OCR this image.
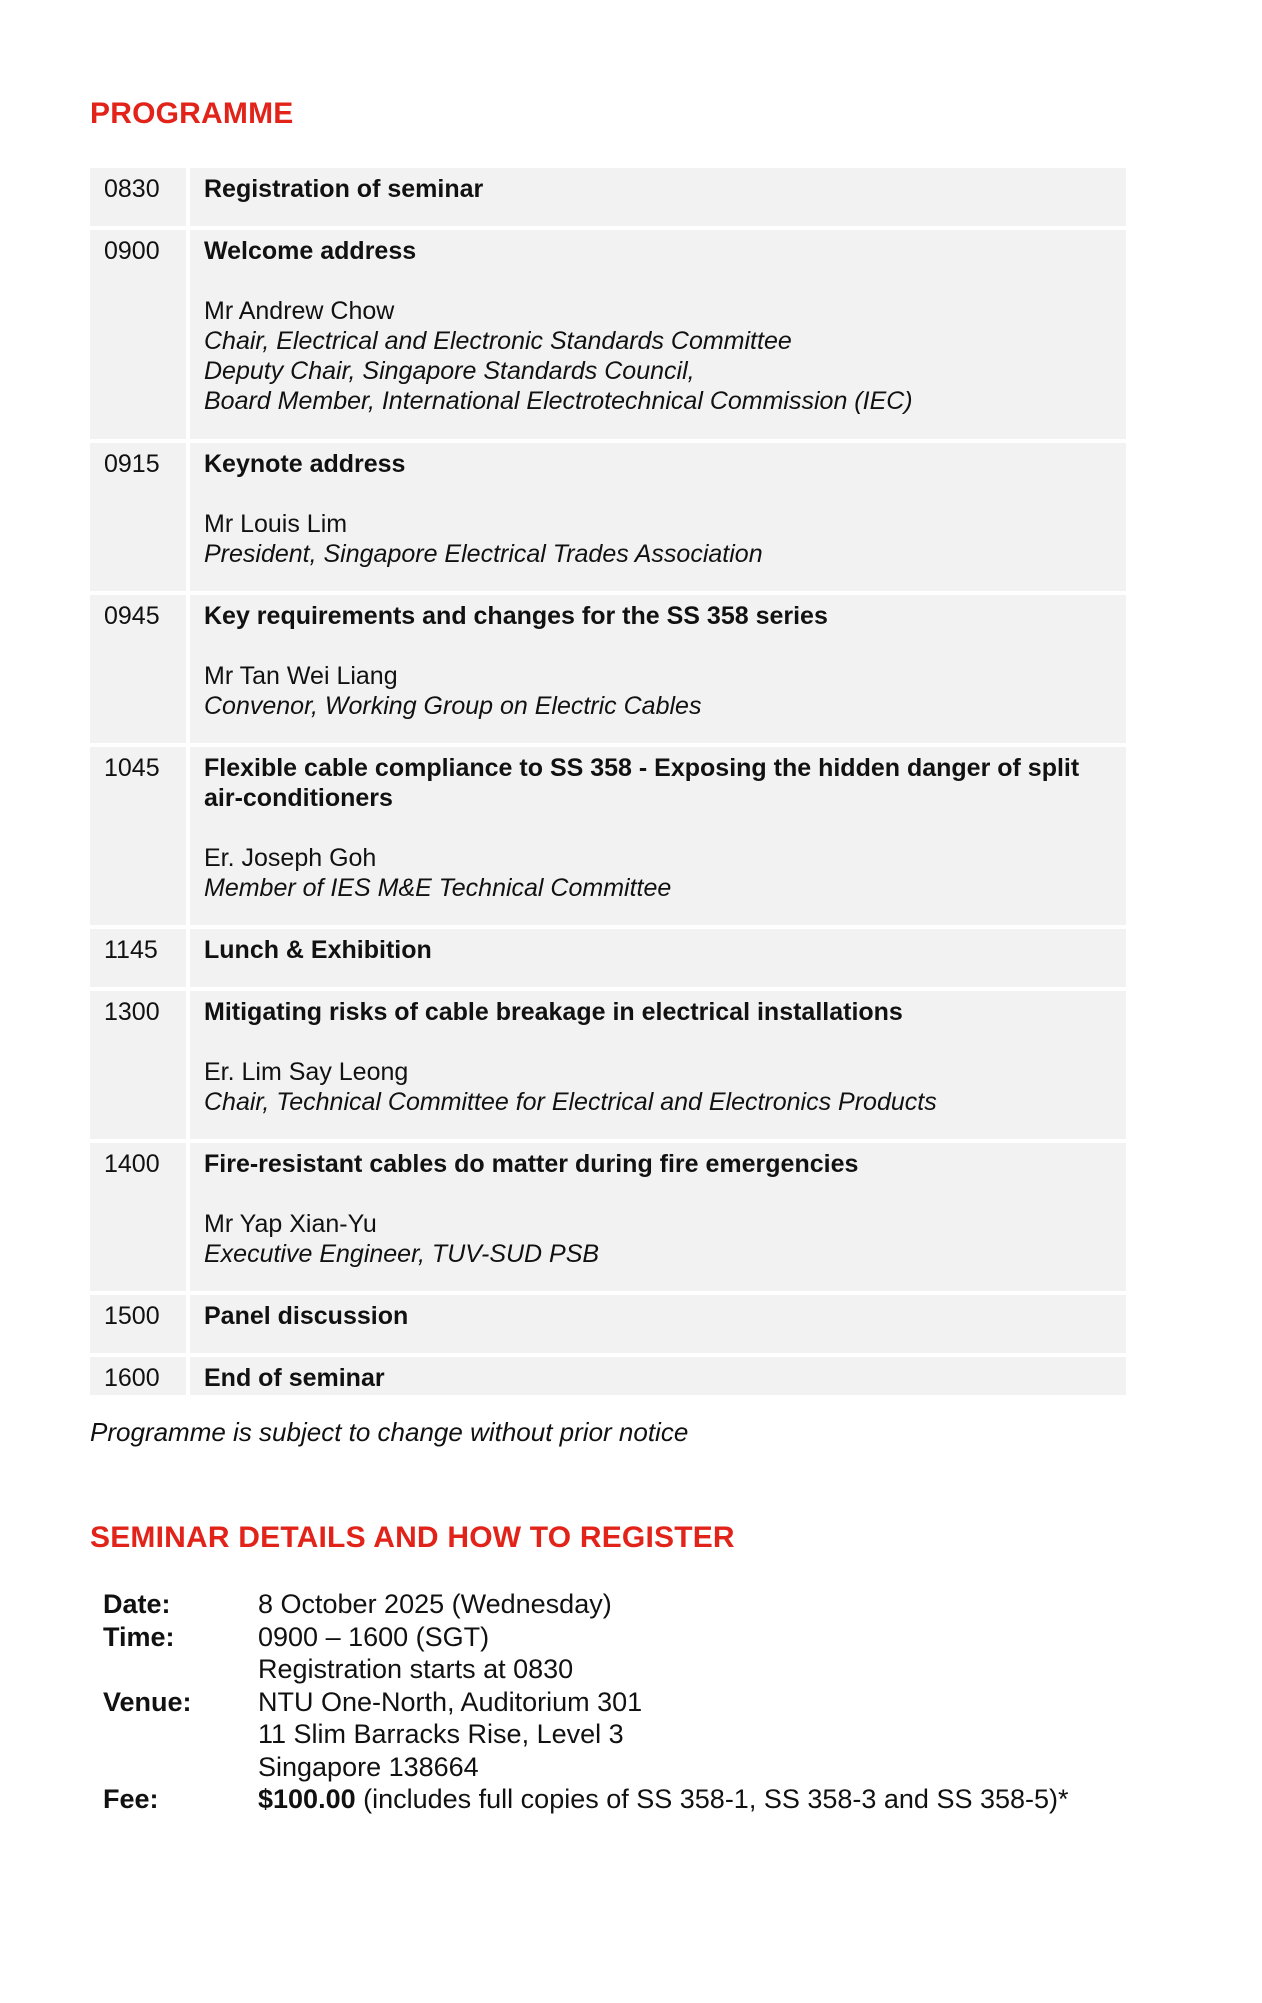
PROGRAMME
0830	Registration of seminar
0900	Welcome address
Mr Andrew Chow
Chair, Electrical and Electronic Standards Committee
Deputy Chair, Singapore Standards Council,
Board Member, International Electrotechnical Commission (IEC)
0915	Keynote address
Mr Louis Lim
President, Singapore Electrical Trades Association
0945	Key requirements and changes for the SS 358 series
Mr Tan Wei Liang
Convenor, Working Group on Electric Cables
1045	Flexible cable compliance to SS 358 - Exposing the hidden danger of split air-conditioners
Er. Joseph Goh
Member of IES M&E Technical Committee
1145	Lunch & Exhibition
1300	Mitigating risks of cable breakage in electrical installations
Er. Lim Say Leong
Chair, Technical Committee for Electrical and Electronics Products
1400	Fire-resistant cables do matter during fire emergencies
Mr Yap Xian-Yu
Executive Engineer, TUV-SUD PSB
1500	Panel discussion
1600	End of seminar

Programme is subject to change without prior notice

SEMINAR DETAILS AND HOW TO REGISTER
Date:	8 October 2025 (Wednesday)
Time:	0900 – 1600 (SGT)
Registration starts at 0830
Venue:	NTU One-North, Auditorium 301
11 Slim Barracks Rise, Level 3
Singapore 138664
Fee:	$100.00 (includes full copies of SS 358-1, SS 358-3 and SS 358-5)*
